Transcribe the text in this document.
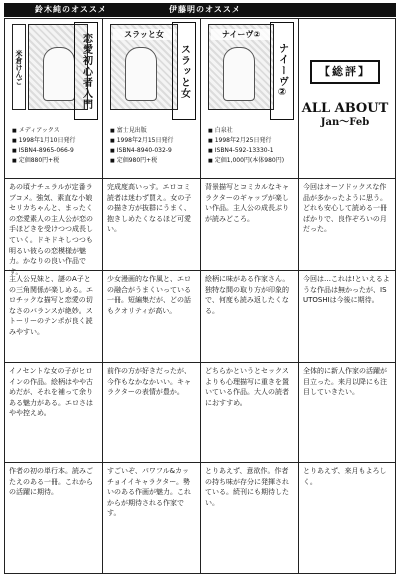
鈴木純のオススメ	伊藤明のオススメ
米倉けんご	恋愛初心者入門
■ メディアックス
■ 1998年1月10日発行
■ ISBN4-8965-066-9
■ 定価880円+税
スラッと女
スラッと女
■ 富士見出版
■ 1998年2月15日発行
■ ISBN4-8940-032-9
■ 定価980円+税
ナイーヴ②
ナイーヴ②
■ 白泉社
■ 1998年2月25日発行
■ ISBN4-592-13330-1
■ 定価1,000円(本体980円)
【総評】
ALL ABOUT
Jan～Feb
あの頃ナチュラルが定番ラブコメ。強気、素直な小娘セリカちゃんと、まったくの恋愛素人の主人公が恋の手ほどきを受けつつ成長していく。ドキドキしつつも明るい彼らの恋模様が魅力。かなりの良い作品です。
主人公兄妹と、謎のA子との三角関係が楽しめる。エロチックな描写と恋愛の切なさのバランスが絶妙。ストーリーのテンポが良く読みやすい。
イノセントな女の子がヒロインの作品。絵柄はやや古めだが、それを補って余りある魅力がある。エロさはやや控えめ。
作者の初の単行本。読みごたえのある一冊。これからの活躍に期待。
完成度高いっす。エロコミ読者は迷わず買え。女の子の描き方が抜群にうまく、抱きしめたくなるほど可愛い。
少女漫画的な作風と、エロの融合がうまくいっている一冊。短編集だが、どの話もクオリティが高い。
前作の方が好きだったが、今作もなかなかいい。キャラクターの表情が豊か。
すごいぞ、パワフル&カッチョイイキャラクター。勢いのある作画が魅力。これからが期待される作家です。
背景描写とコミカルなキャラクターのギャップが楽しい作品。主人公の成長ぶりが読みどころ。
絵柄に味がある作家さん。独特な間の取り方が印象的で、何度も読み返したくなる。
どちらかというとセックスよりも心理描写に重きを置いている作品。大人の読者におすすめ。
とりあえず、意欲作。作者の持ち味が存分に発揮されている。続刊にも期待したい。
今回はオーソドックスな作品が多かったように思う。どれも安心して読める一冊ばかりで、良作ぞろいの月だった。
今回は…これは!といえるような作品は無かったが、ISUTOSHIは今後に期待。
全体的に新人作家の活躍が目立った。来月以降にも注目していきたい。
とりあえず、来月もよろしく。
